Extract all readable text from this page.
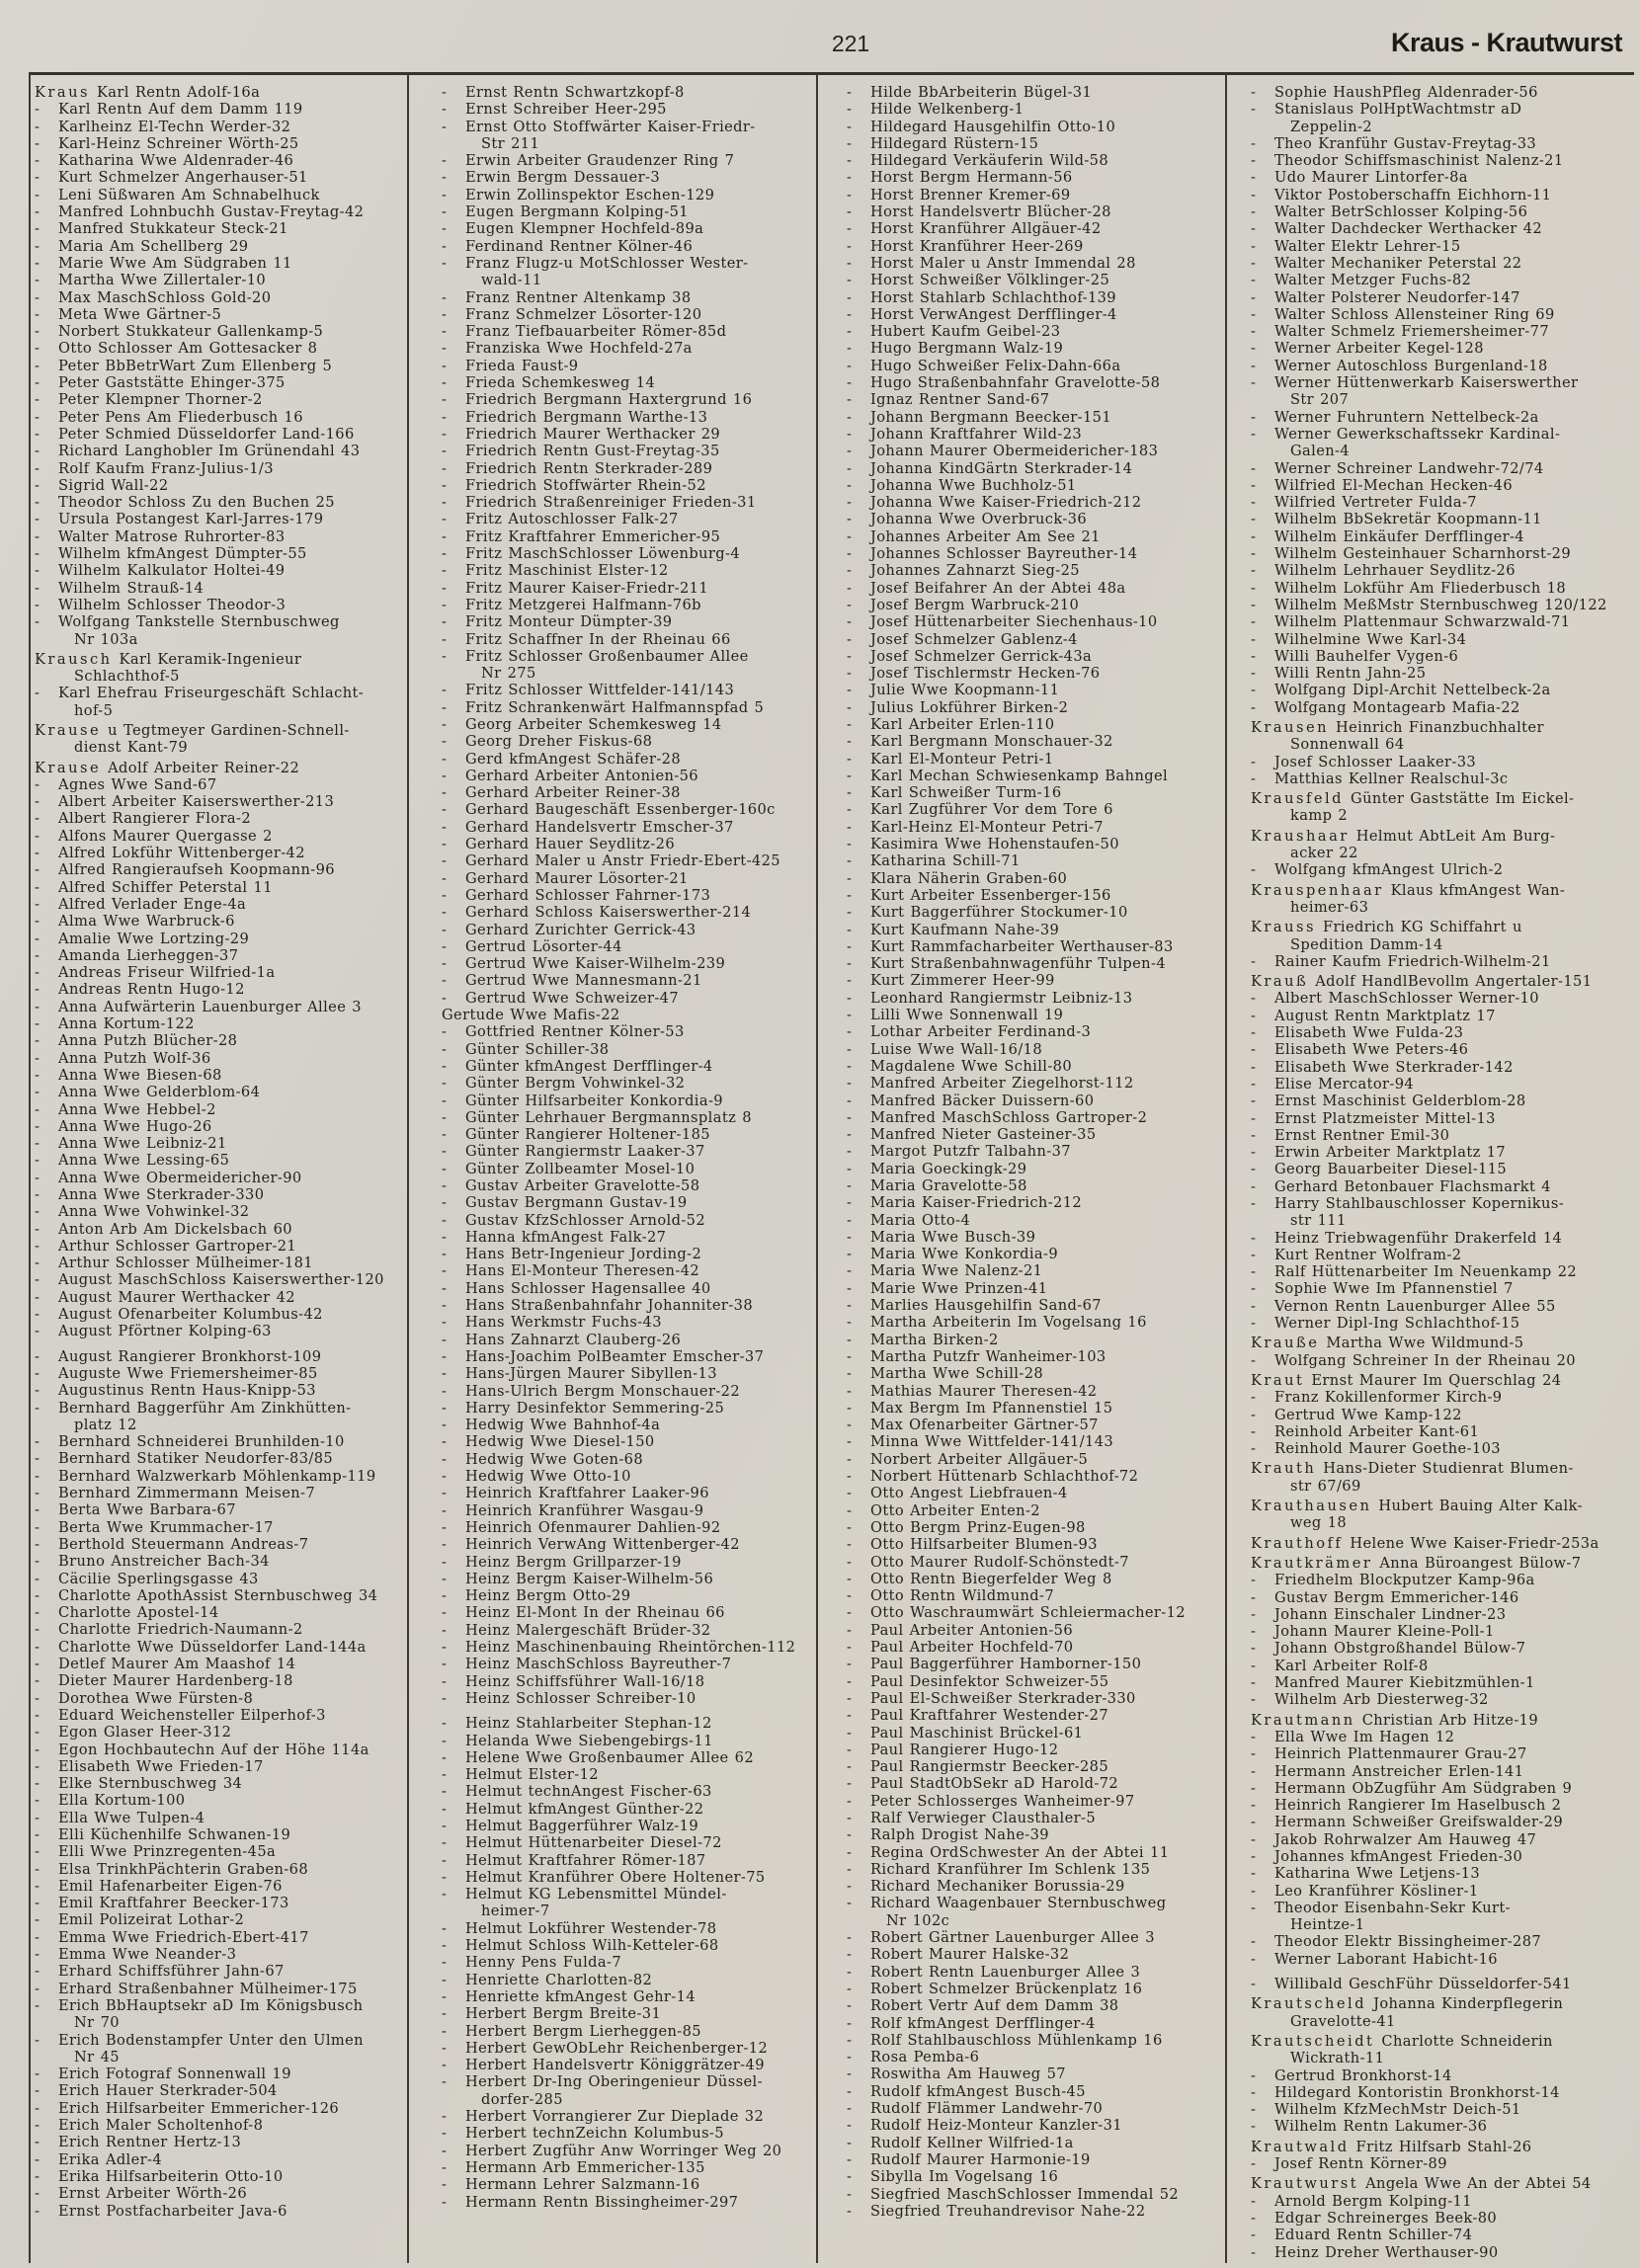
221	Kraus - Krautwurst
Kraus Karl Rentn Adolf-16a
- Karl Rentn Auf dem Damm 119
- Karlheinz El-Techn Werder-32
- Karl-Heinz Schreiner Wörth-25
- Katharina Wwe Aldenrader-46
- Kurt Schmelzer Angerhauser-51
- Leni Süßwaren Am Schnabelhuck
- Manfred Lohnbuchh Gustav-Freytag-42
- Manfred Stukkateur Steck-21
- Maria Am Schellberg 29
- Marie Wwe Am Südgraben 11
- Martha Wwe Zillertaler-10
- Max MaschSchloss Gold-20
- Meta Wwe Gärtner-5
- Norbert Stukkateur Gallenkamp-5
- Otto Schlosser Am Gottesacker 8
- Peter BbBetrWart Zum Ellenberg 5
- Peter Gaststätte Ehinger-375
- Peter Klempner Thorner-2
- Peter Pens Am Fliederbusch 16
- Peter Schmied Düsseldorfer Land-166
- Richard Langhobler Im Grünendahl 43
- Rolf Kaufm Franz-Julius-1/3
- Sigrid Wall-22
- Theodor Schloss Zu den Buchen 25
- Ursula Postangest Karl-Jarres-179
- Walter Matrose Ruhrorter-83
- Wilhelm kfmAngest Dümpter-55
- Wilhelm Kalkulator Holtei-49
- Wilhelm Strauß-14
- Wilhelm Schlosser Theodor-3
- Wolfgang Tankstelle Sternbuschweg
Nr 103a
Krausch Karl Keramik-Ingenieur
Schlachthof-5
- Karl Ehefrau Friseurgeschäft Schlacht-
hof-5
Krause u Tegtmeyer Gardinen-Schnell-
dienst Kant-79
Krause Adolf Arbeiter Reiner-22
- Agnes Wwe Sand-67
- Albert Arbeiter Kaiserswerther-213
- Albert Rangierer Flora-2
- Alfons Maurer Quergasse 2
- Alfred Lokführ Wittenberger-42
- Alfred Rangieraufseh Koopmann-96
- Alfred Schiffer Peterstal 11
- Alfred Verlader Enge-4a
- Alma Wwe Warbruck-6
- Amalie Wwe Lortzing-29
- Amanda Lierheggen-37
- Andreas Friseur Wilfried-1a
- Andreas Rentn Hugo-12
- Anna Aufwärterin Lauenburger Allee 3
- Anna Kortum-122
- Anna Putzh Blücher-28
- Anna Putzh Wolf-36
- Anna Wwe Biesen-68
- Anna Wwe Gelderblom-64
- Anna Wwe Hebbel-2
- Anna Wwe Hugo-26
- Anna Wwe Leibniz-21
- Anna Wwe Lessing-65
- Anna Wwe Obermeidericher-90
- Anna Wwe Sterkrader-330
- Anna Wwe Vohwinkel-32
- Anton Arb Am Dickelsbach 60
- Arthur Schlosser Gartroper-21
- Arthur Schlosser Mülheimer-181
- August MaschSchloss Kaiserswerther-120
- August Maurer Werthacker 42
- August Ofenarbeiter Kolumbus-42
- August Pförtner Kolping-63
- August Rangierer Bronkhorst-109
- Auguste Wwe Friemersheimer-85
- Augustinus Rentn Haus-Knipp-53
- Bernhard Baggerführ Am Zinkhütten-
platz 12
- Bernhard Schneiderei Brunhilden-10
- Bernhard Statiker Neudorfer-83/85
- Bernhard Walzwerkarb Möhlenkamp-119
- Bernhard Zimmermann Meisen-7
- Berta Wwe Barbara-67
- Berta Wwe Krummacher-17
- Berthold Steuermann Andreas-7
- Bruno Anstreicher Bach-34
- Cäcilie Sperlingsgasse 43
- Charlotte ApothAssist Sternbuschweg 34
- Charlotte Apostel-14
- Charlotte Friedrich-Naumann-2
- Charlotte Wwe Düsseldorfer Land-144a
- Detlef Maurer Am Maashof 14
- Dieter Maurer Hardenberg-18
- Dorothea Wwe Fürsten-8
- Eduard Weichensteller Eilperhof-3
- Egon Glaser Heer-312
- Egon Hochbautechn Auf der Höhe 114a
- Elisabeth Wwe Frieden-17
- Elke Sternbuschweg 34
- Ella Kortum-100
- Ella Wwe Tulpen-4
- Elli Küchenhilfe Schwanen-19
- Elli Wwe Prinzregenten-45a
- Elsa TrinkhPächterin Graben-68
- Emil Hafenarbeiter Eigen-76
- Emil Kraftfahrer Beecker-173
- Emil Polizeirat Lothar-2
- Emma Wwe Friedrich-Ebert-417
- Emma Wwe Neander-3
- Erhard Schiffsführer Jahn-67
- Erhard Straßenbahner Mülheimer-175
- Erich BbHauptsekr aD Im Königsbusch
Nr 70
- Erich Bodenstampfer Unter den Ulmen
Nr 45
- Erich Fotograf Sonnenwall 19
- Erich Hauer Sterkrader-504
- Erich Hilfsarbeiter Emmericher-126
- Erich Maler Scholtenhof-8
- Erich Rentner Hertz-13
- Erika Adler-4
- Erika Hilfsarbeiterin Otto-10
- Ernst Arbeiter Wörth-26
- Ernst Postfacharbeiter Java-6
- Ernst Rentn Schwartzkopf-8
- Ernst Schreiber Heer-295
- Ernst Otto Stoffwärter Kaiser-Friedr-
Str 211
- Erwin Arbeiter Graudenzer Ring 7
- Erwin Bergm Dessauer-3
- Erwin Zollinspektor Eschen-129
- Eugen Bergmann Kolping-51
- Eugen Klempner Hochfeld-89a
- Ferdinand Rentner Kölner-46
- Franz Flugz-u MotSchlosser Wester-
wald-11
- Franz Rentner Altenkamp 38
- Franz Schmelzer Lösorter-120
- Franz Tiefbauarbeiter Römer-85d
- Franziska Wwe Hochfeld-27a
- Frieda Faust-9
- Frieda Schemkesweg 14
- Friedrich Bergmann Haxtergrund 16
- Friedrich Bergmann Warthe-13
- Friedrich Maurer Werthacker 29
- Friedrich Rentn Gust-Freytag-35
- Friedrich Rentn Sterkrader-289
- Friedrich Stoffwärter Rhein-52
- Friedrich Straßenreiniger Frieden-31
- Fritz Autoschlosser Falk-27
- Fritz Kraftfahrer Emmericher-95
- Fritz MaschSchlosser Löwenburg-4
- Fritz Maschinist Elster-12
- Fritz Maurer Kaiser-Friedr-211
- Fritz Metzgerei Halfmann-76b
- Fritz Monteur Dümpter-39
- Fritz Schaffner In der Rheinau 66
- Fritz Schlosser Großenbaumer Allee
Nr 275
- Fritz Schlosser Wittfelder-141/143
- Fritz Schrankenwärt Halfmannspfad 5
- Georg Arbeiter Schemkesweg 14
- Georg Dreher Fiskus-68
- Gerd kfmAngest Schäfer-28
- Gerhard Arbeiter Antonien-56
- Gerhard Arbeiter Reiner-38
- Gerhard Baugeschäft Essenberger-160c
- Gerhard Handelsvertr Emscher-37
- Gerhard Hauer Seydlitz-26
- Gerhard Maler u Anstr Friedr-Ebert-425
- Gerhard Maurer Lösorter-21
- Gerhard Schlosser Fahrner-173
- Gerhard Schloss Kaiserswerther-214
- Gerhard Zurichter Gerrick-43
- Gertrud Lösorter-44
- Gertrud Wwe Kaiser-Wilhelm-239
- Gertrud Wwe Mannesmann-21
- Gertrud Wwe Schweizer-47
Gertude Wwe Mafis-22
- Gottfried Rentner Kölner-53
- Günter Schiller-38
- Günter kfmAngest Derfflinger-4
- Günter Bergm Vohwinkel-32
- Günter Hilfsarbeiter Konkordia-9
- Günter Lehrhauer Bergmannsplatz 8
- Günter Rangierer Holtener-185
- Günter Rangiermstr Laaker-37
- Günter Zollbeamter Mosel-10
- Gustav Arbeiter Gravelotte-58
- Gustav Bergmann Gustav-19
- Gustav KfzSchlosser Arnold-52
- Hanna kfmAngest Falk-27
- Hans Betr-Ingenieur Jording-2
- Hans El-Monteur Theresen-42
- Hans Schlosser Hagensallee 40
- Hans Straßenbahnfahr Johanniter-38
- Hans Werkmstr Fuchs-43
- Hans Zahnarzt Clauberg-26
- Hans-Joachim PolBeamter Emscher-37
- Hans-Jürgen Maurer Sibyllen-13
- Hans-Ulrich Bergm Monschauer-22
- Harry Desinfektor Semmering-25
- Hedwig Wwe Bahnhof-4a
- Hedwig Wwe Diesel-150
- Hedwig Wwe Goten-68
- Hedwig Wwe Otto-10
- Heinrich Kraftfahrer Laaker-96
- Heinrich Kranführer Wasgau-9
- Heinrich Ofenmaurer Dahlien-92
- Heinrich VerwAng Wittenberger-42
- Heinz Bergm Grillparzer-19
- Heinz Bergm Kaiser-Wilhelm-56
- Heinz Bergm Otto-29
- Heinz El-Mont In der Rheinau 66
- Heinz Malergeschäft Brüder-32
- Heinz Maschinenbauing Rheintörchen-112
- Heinz MaschSchloss Bayreuther-7
- Heinz Schiffsführer Wall-16/18
- Heinz Schlosser Schreiber-10
- Heinz Stahlarbeiter Stephan-12
- Helanda Wwe Siebengebirgs-11
- Helene Wwe Großenbaumer Allee 62
- Helmut Elster-12
- Helmut technAngest Fischer-63
- Helmut kfmAngest Günther-22
- Helmut Baggerführer Walz-19
- Helmut Hüttenarbeiter Diesel-72
- Helmut Kraftfahrer Römer-187
- Helmut Kranführer Obere Holtener-75
- Helmut KG Lebensmittel Mündel-
heimer-7
- Helmut Lokführer Westender-78
- Helmut Schloss Wilh-Ketteler-68
- Henny Pens Fulda-7
- Henriette Charlotten-82
- Henriette kfmAngest Gehr-14
- Herbert Bergm Breite-31
- Herbert Bergm Lierheggen-85
- Herbert GewObLehr Reichenberger-12
- Herbert Handelsvertr Königgrätzer-49
- Herbert Dr-Ing Oberingenieur Düssel-
dorfer-285
- Herbert Vorrangierer Zur Dieplade 32
- Herbert technZeichn Kolumbus-5
- Herbert Zugführ Anw Worringer Weg 20
- Hermann Arb Emmericher-135
- Hermann Lehrer Salzmann-16
- Hermann Rentn Bissingheimer-297
- Hilde BbArbeiterin Bügel-31
- Hilde Welkenberg-1
- Hildegard Hausgehilfin Otto-10
- Hildegard Rüstern-15
- Hildegard Verkäuferin Wild-58
- Horst Bergm Hermann-56
- Horst Brenner Kremer-69
- Horst Handelsvertr Blücher-28
- Horst Kranführer Allgäuer-42
- Horst Kranführer Heer-269
- Horst Maler u Anstr Immendal 28
- Horst Schweißer Völklinger-25
- Horst Stahlarb Schlachthof-139
- Horst VerwAngest Derfflinger-4
- Hubert Kaufm Geibel-23
- Hugo Bergmann Walz-19
- Hugo Schweißer Felix-Dahn-66a
- Hugo Straßenbahnfahr Gravelotte-58
- Ignaz Rentner Sand-67
- Johann Bergmann Beecker-151
- Johann Kraftfahrer Wild-23
- Johann Maurer Obermeidericher-183
- Johanna KindGärtn Sterkrader-14
- Johanna Wwe Buchholz-51
- Johanna Wwe Kaiser-Friedrich-212
- Johanna Wwe Overbruck-36
- Johannes Arbeiter Am See 21
- Johannes Schlosser Bayreuther-14
- Johannes Zahnarzt Sieg-25
- Josef Beifahrer An der Abtei 48a
- Josef Bergm Warbruck-210
- Josef Hüttenarbeiter Siechenhaus-10
- Josef Schmelzer Gablenz-4
- Josef Schmelzer Gerrick-43a
- Josef Tischlermstr Hecken-76
- Julie Wwe Koopmann-11
- Julius Lokführer Birken-2
- Karl Arbeiter Erlen-110
- Karl Bergmann Monschauer-32
- Karl El-Monteur Petri-1
- Karl Mechan Schwiesenkamp Bahngel
- Karl Schweißer Turm-16
- Karl Zugführer Vor dem Tore 6
- Karl-Heinz El-Monteur Petri-7
- Kasimira Wwe Hohenstaufen-50
- Katharina Schill-71
- Klara Näherin Graben-60
- Kurt Arbeiter Essenberger-156
- Kurt Baggerführer Stockumer-10
- Kurt Kaufmann Nahe-39
- Kurt Rammfacharbeiter Werthauser-83
- Kurt Straßenbahnwagenführ Tulpen-4
- Kurt Zimmerer Heer-99
- Leonhard Rangiermstr Leibniz-13
- Lilli Wwe Sonnenwall 19
- Lothar Arbeiter Ferdinand-3
- Luise Wwe Wall-16/18
- Magdalene Wwe Schill-80
- Manfred Arbeiter Ziegelhorst-112
- Manfred Bäcker Duissern-60
- Manfred MaschSchloss Gartroper-2
- Manfred Nieter Gasteiner-35
- Margot Putzfr Talbahn-37
- Maria Goeckingk-29
- Maria Gravelotte-58
- Maria Kaiser-Friedrich-212
- Maria Otto-4
- Maria Wwe Busch-39
- Maria Wwe Konkordia-9
- Maria Wwe Nalenz-21
- Marie Wwe Prinzen-41
- Marlies Hausgehilfin Sand-67
- Martha Arbeiterin Im Vogelsang 16
- Martha Birken-2
- Martha Putzfr Wanheimer-103
- Martha Wwe Schill-28
- Mathias Maurer Theresen-42
- Max Bergm Im Pfannenstiel 15
- Max Ofenarbeiter Gärtner-57
- Minna Wwe Wittfelder-141/143
- Norbert Arbeiter Allgäuer-5
- Norbert Hüttenarb Schlachthof-72
- Otto Angest Liebfrauen-4
- Otto Arbeiter Enten-2
- Otto Bergm Prinz-Eugen-98
- Otto Hilfsarbeiter Blumen-93
- Otto Maurer Rudolf-Schönstedt-7
- Otto Rentn Biegerfelder Weg 8
- Otto Rentn Wildmund-7
- Otto Waschraumwärt Schleiermacher-12
- Paul Arbeiter Antonien-56
- Paul Arbeiter Hochfeld-70
- Paul Baggerführer Hamborner-150
- Paul Desinfektor Schweizer-55
- Paul El-Schweißer Sterkrader-330
- Paul Kraftfahrer Westender-27
- Paul Maschinist Brückel-61
- Paul Rangierer Hugo-12
- Paul Rangiermstr Beecker-285
- Paul StadtObSekr aD Harold-72
- Peter Schlosserges Wanheimer-97
- Ralf Verwieger Clausthaler-5
- Ralph Drogist Nahe-39
- Regina OrdSchwester An der Abtei 11
- Richard Kranführer Im Schlenk 135
- Richard Mechaniker Borussia-29
- Richard Waagenbauer Sternbuschweg
Nr 102c
- Robert Gärtner Lauenburger Allee 3
- Robert Maurer Halske-32
- Robert Rentn Lauenburger Allee 3
- Robert Schmelzer Brückenplatz 16
- Robert Vertr Auf dem Damm 38
- Rolf kfmAngest Derfflinger-4
- Rolf Stahlbauschloss Mühlenkamp 16
- Rosa Pemba-6
- Roswitha Am Hauweg 57
- Rudolf kfmAngest Busch-45
- Rudolf Flämmer Landwehr-70
- Rudolf Heiz-Monteur Kanzler-31
- Rudolf Kellner Wilfried-1a
- Rudolf Maurer Harmonie-19
- Sibylla Im Vogelsang 16
- Siegfried MaschSchlosser Immendal 52
- Siegfried Treuhandrevisor Nahe-22
- Sophie HaushPfleg Aldenrader-56
- Stanislaus PolHptWachtmstr aD
Zeppelin-2
- Theo Kranführ Gustav-Freytag-33
- Theodor Schiffsmaschinist Nalenz-21
- Udo Maurer Lintorfer-8a
- Viktor Postoberschaffn Eichhorn-11
- Walter BetrSchlosser Kolping-56
- Walter Dachdecker Werthacker 42
- Walter Elektr Lehrer-15
- Walter Mechaniker Peterstal 22
- Walter Metzger Fuchs-82
- Walter Polsterer Neudorfer-147
- Walter Schloss Allensteiner Ring 69
- Walter Schmelz Friemersheimer-77
- Werner Arbeiter Kegel-128
- Werner Autoschloss Burgenland-18
- Werner Hüttenwerkarb Kaiserswerther
Str 207
- Werner Fuhruntern Nettelbeck-2a
- Werner Gewerkschaftssekr Kardinal-
Galen-4
- Werner Schreiner Landwehr-72/74
- Wilfried El-Mechan Hecken-46
- Wilfried Vertreter Fulda-7
- Wilhelm BbSekretär Koopmann-11
- Wilhelm Einkäufer Derfflinger-4
- Wilhelm Gesteinhauer Scharnhorst-29
- Wilhelm Lehrhauer Seydlitz-26
- Wilhelm Lokführ Am Fliederbusch 18
- Wilhelm MeßMstr Sternbuschweg 120/122
- Wilhelm Plattenmaur Schwarzwald-71
- Wilhelmine Wwe Karl-34
- Willi Bauhelfer Vygen-6
- Willi Rentn Jahn-25
- Wolfgang Dipl-Archit Nettelbeck-2a
- Wolfgang Montagearb Mafia-22
Krausen Heinrich Finanzbuchhalter
Sonnenwall 64
- Josef Schlosser Laaker-33
- Matthias Kellner Realschul-3c
Krausfeld Günter Gaststätte Im Eickel-
kamp 2
Kraushaar Helmut AbtLeit Am Burg-
acker 22
- Wolfgang kfmAngest Ulrich-2
Krauspenhaar Klaus kfmAngest Wan-
heimer-63
Krauss Friedrich KG Schiffahrt u
Spedition Damm-14
- Rainer Kaufm Friedrich-Wilhelm-21
Krauß Adolf HandlBevollm Angertaler-151
- Albert MaschSchlosser Werner-10
- August Rentn Marktplatz 17
- Elisabeth Wwe Fulda-23
- Elisabeth Wwe Peters-46
- Elisabeth Wwe Sterkrader-142
- Elise Mercator-94
- Ernst Maschinist Gelderblom-28
- Ernst Platzmeister Mittel-13
- Ernst Rentner Emil-30
- Erwin Arbeiter Marktplatz 17
- Georg Bauarbeiter Diesel-115
- Gerhard Betonbauer Flachsmarkt 4
- Harry Stahlbauschlosser Kopernikus-
str 111
- Heinz Triebwagenführ Drakerfeld 14
- Kurt Rentner Wolfram-2
- Ralf Hüttenarbeiter Im Neuenkamp 22
- Sophie Wwe Im Pfannenstiel 7
- Vernon Rentn Lauenburger Allee 55
- Werner Dipl-Ing Schlachthof-15
Krauße Martha Wwe Wildmund-5
- Wolfgang Schreiner In der Rheinau 20
Kraut Ernst Maurer Im Querschlag 24
- Franz Kokillenformer Kirch-9
- Gertrud Wwe Kamp-122
- Reinhold Arbeiter Kant-61
- Reinhold Maurer Goethe-103
Krauth Hans-Dieter Studienrat Blumen-
str 67/69
Krauthausen Hubert Bauing Alter Kalk-
weg 18
Krauthoff Helene Wwe Kaiser-Friedr-253a
Krautkrämer Anna Büroangest Bülow-7
- Friedhelm Blockputzer Kamp-96a
- Gustav Bergm Emmericher-146
- Johann Einschaler Lindner-23
- Johann Maurer Kleine-Poll-1
- Johann Obstgroßhandel Bülow-7
- Karl Arbeiter Rolf-8
- Manfred Maurer Kiebitzmühlen-1
- Wilhelm Arb Diesterweg-32
Krautmann Christian Arb Hitze-19
- Ella Wwe Im Hagen 12
- Heinrich Plattenmaurer Grau-27
- Hermann Anstreicher Erlen-141
- Hermann ObZugführ Am Südgraben 9
- Heinrich Rangierer Im Haselbusch 2
- Hermann Schweißer Greifswalder-29
- Jakob Rohrwalzer Am Hauweg 47
- Johannes kfmAngest Frieden-30
- Katharina Wwe Letjens-13
- Leo Kranführer Kösliner-1
- Theodor Eisenbahn-Sekr Kurt-
Heintze-1
- Theodor Elektr Bissingheimer-287
- Werner Laborant Habicht-16
- Willibald GeschFühr Düsseldorfer-541
Krautscheld Johanna Kinderpflegerin
Gravelotte-41
Krautscheidt Charlotte Schneiderin
Wickrath-11
- Gertrud Bronkhorst-14
- Hildegard Kontoristin Bronkhorst-14
- Wilhelm KfzMechMstr Deich-51
- Wilhelm Rentn Lakumer-36
Krautwald Fritz Hilfsarb Stahl-26
- Josef Rentn Körner-89
Krautwurst Angela Wwe An der Abtei 54
- Arnold Bergm Kolping-11
- Edgar Schreinerges Beek-80
- Eduard Rentn Schiller-74
- Heinz Dreher Werthauser-90
